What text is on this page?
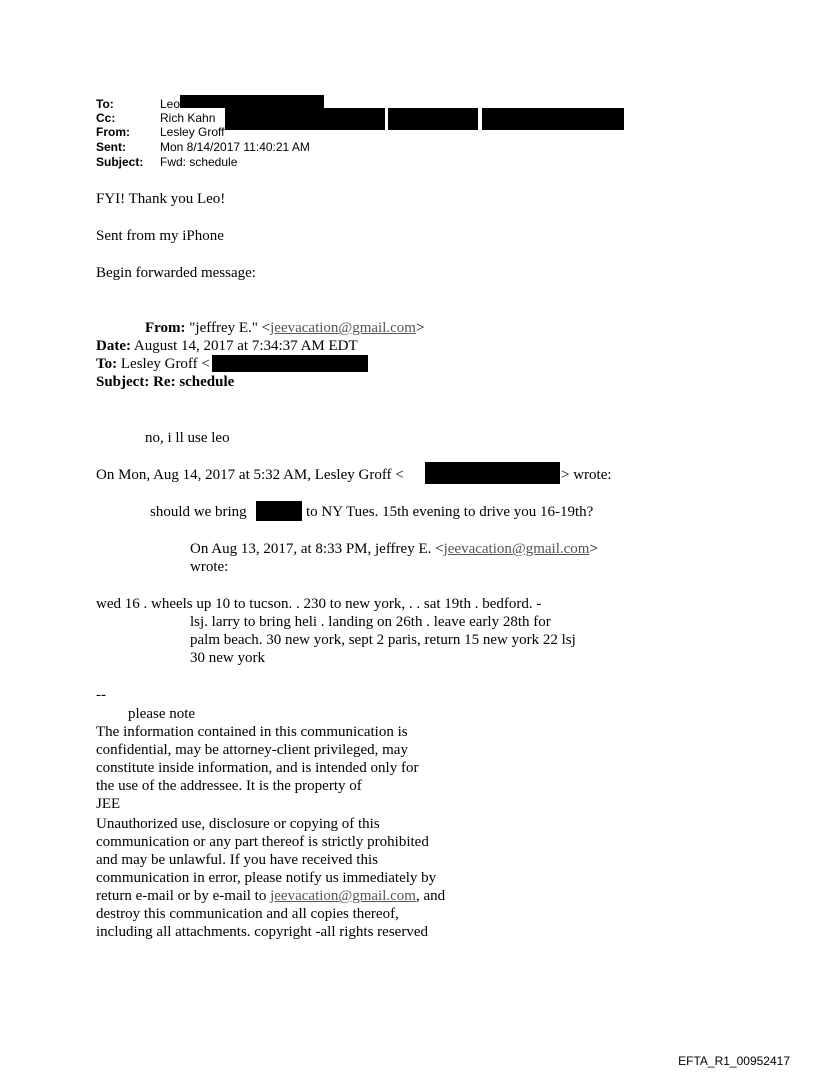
To:	Leo
Cc:	Rich Kahn
From:	Lesley Groff
Sent:	Mon 8/14/2017 11:40:21 AM
Subject: Fwd: schedule
FYI! Thank you Leo!
Sent from my iPhone
Begin forwarded message:
From: "jeffrey E." <jeevacation@gmail.com>
Date: August 14, 2017 at 7:34:37 AM EDT
To: Lesley Groff <
Subject: Re: schedule
no, i ll use leo
On Mon, Aug 14, 2017 at 5:32 AM, Lesley Groff <	> wrote:
should we bring	to NY Tues. 15th evening to drive you 16-19th?
On Aug 13, 2017, at 8:33 PM, jeffrey E. <jeevacation@gmail.com>
wrote:
wed 16 . wheels up 10 to tucson. . 230 to new york, . . sat 19th . bedford. -
lsj. larry to bring heli . landing on 26th . leave early 28th for
palm beach. 30 new york, sept 2 paris, return 15 new york 22 lsj
30 new york
--
please note
The information contained in this communication is
confidential, may be attorney-client privileged, may
constitute inside information, and is intended only for
the use of the addressee. It is the property of
JEE
Unauthorized use, disclosure or copying of this
communication or any part thereof is strictly prohibited
and may be unlawful. If you have received this
communication in error, please notify us immediately by
return e-mail or by e-mail to jeevacation@gmail.com, and
destroy this communication and all copies thereof,
including all attachments. copyright -all rights reserved
EFTA_R1_00952417
